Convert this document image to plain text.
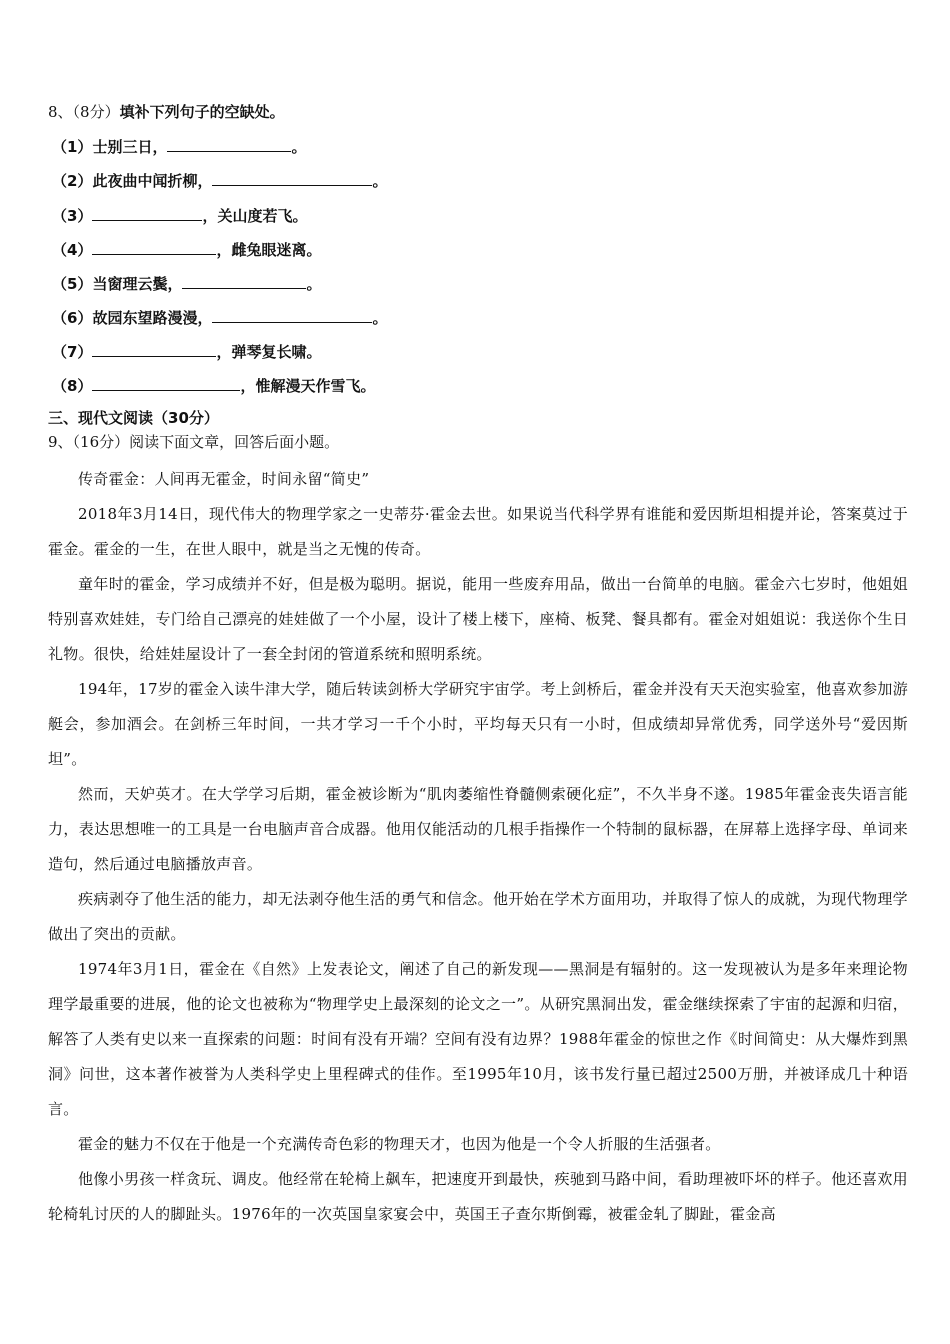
8、（8分）填补下列句子的空缺处。
（1）士别三日，	。
（2）此夜曲中闻折柳，	。
（3）	，关山度若飞。
（4）	，雌兔眼迷离。
（5）当窗理云鬓，	。
（6）故园东望路漫漫，	。
（7）	，弹琴复长啸。
（8）	，惟解漫天作雪飞。
三、现代文阅读（30分）
9、（16分）阅读下面文章，回答后面小题。

传奇霍金：人间再无霍金，时间永留“简史”

2018年3月14日，现代伟大的物理学家之一史蒂芬·霍金去世。如果说当代科学界有谁能和爱因斯坦相提并论，答案莫过于霍金。霍金的一生，在世人眼中，就是当之无愧的传奇。

童年时的霍金，学习成绩并不好，但是极为聪明。据说，能用一些废弃用品，做出一台简单的电脑。霍金六七岁时，他姐姐特别喜欢娃娃，专门给自己漂亮的娃娃做了一个小屋，设计了楼上楼下，座椅、板凳、餐具都有。霍金对姐姐说：我送你个生日礼物。很快，给娃娃屋设计了一套全封闭的管道系统和照明系统。

194年，17岁的霍金入读牛津大学，随后转读剑桥大学研究宇宙学。考上剑桥后，霍金并没有天天泡实验室，他喜欢参加游艇会，参加酒会。在剑桥三年时间，一共才学习一千个小时，平均每天只有一小时，但成绩却异常优秀，同学送外号“爱因斯坦”。

然而，天妒英才。在大学学习后期，霍金被诊断为“肌肉萎缩性脊髓侧索硬化症”，不久半身不遂。1985年霍金丧失语言能力，表达思想唯一的工具是一台电脑声音合成器。他用仅能活动的几根手指操作一个特制的鼠标器，在屏幕上选择字母、单词来造句，然后通过电脑播放声音。

疾病剥夺了他生活的能力，却无法剥夺他生活的勇气和信念。他开始在学术方面用功，并取得了惊人的成就，为现代物理学做出了突出的贡献。

1974年3月1日，霍金在《自然》上发表论文，阐述了自己的新发现——黑洞是有辐射的。这一发现被认为是多年来理论物理学最重要的进展，他的论文也被称为“物理学史上最深刻的论文之一”。从研究黑洞出发，霍金继续探索了宇宙的起源和归宿，解答了人类有史以来一直探索的问题：时间有没有开端？空间有没有边界？1988年霍金的惊世之作《时间简史：从大爆炸到黑洞》问世，这本著作被誉为人类科学史上里程碑式的佳作。至1995年10月，该书发行量已超过2500万册，并被译成几十种语言。

霍金的魅力不仅在于他是一个充满传奇色彩的物理天才，也因为他是一个令人折服的生活强者。

他像小男孩一样贪玩、调皮。他经常在轮椅上飙车，把速度开到最快，疾驰到马路中间，看助理被吓坏的样子。他还喜欢用轮椅轧讨厌的人的脚趾头。1976年的一次英国皇家宴会中，英国王子查尔斯倒霉，被霍金轧了脚趾，霍金高
